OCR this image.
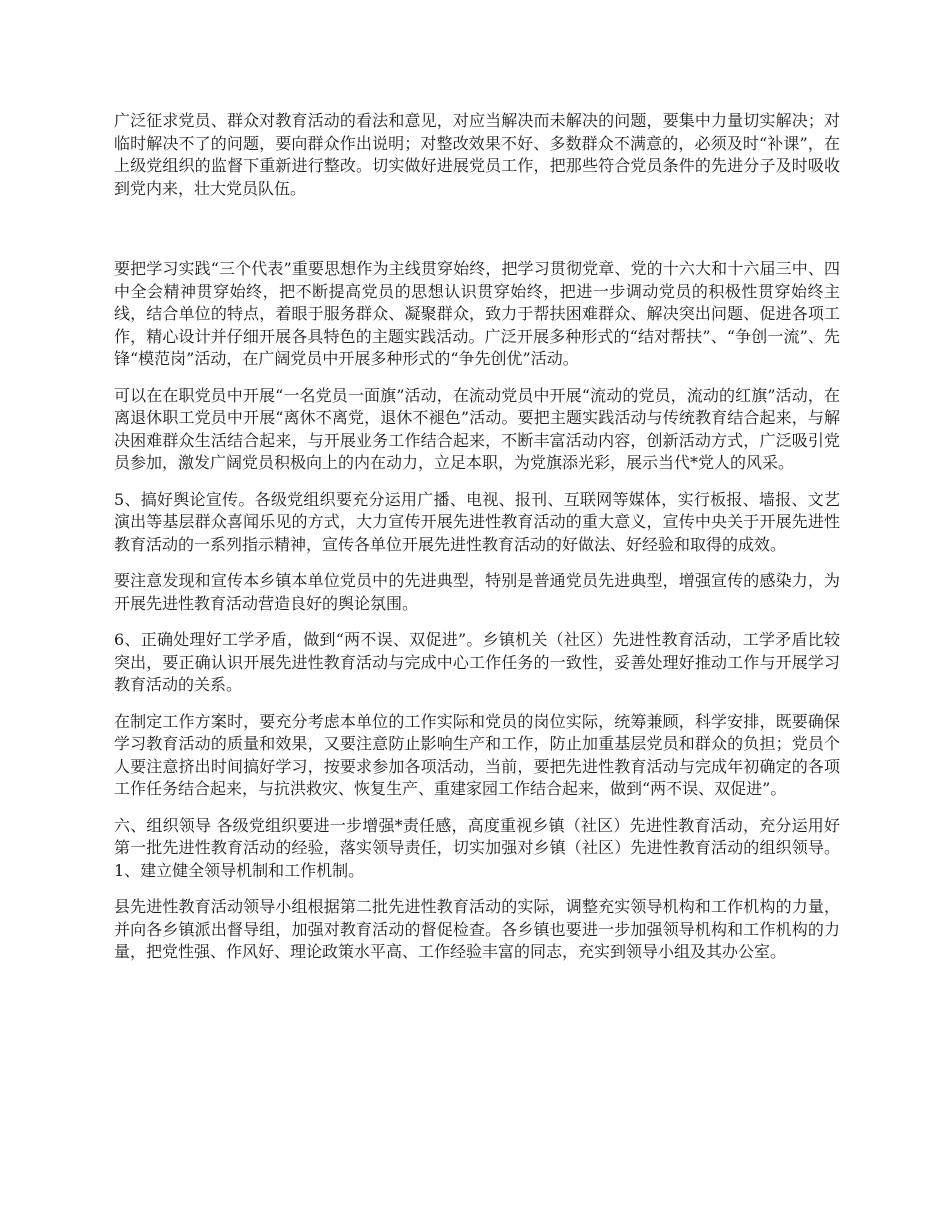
广泛征求党员、群众对教育活动的看法和意见，对应当解决而未解决的问题，要集中力量切实解决；对临时解决不了的问题，要向群众作出说明；对整改效果不好、多数群众不满意的，必须及时“补课”，在上级党组织的监督下重新进行整改。切实做好进展党员工作，把那些符合党员条件的先进分子及时吸收到党内来，壮大党员队伍。

要把学习实践“三个代表”重要思想作为主线贯穿始终，把学习贯彻党章、党的十六大和十六届三中、四中全会精神贯穿始终，把不断提高党员的思想认识贯穿始终，把进一步调动党员的积极性贯穿始终主线，结合单位的特点，着眼于服务群众、凝聚群众，致力于帮扶困难群众、解决突出问题、促进各项工作，精心设计并仔细开展各具特色的主题实践活动。广泛开展多种形式的“结对帮扶”、“争创一流”、先锋“模范岗”活动，在广阔党员中开展多种形式的“争先创优”活动。

可以在在职党员中开展“一名党员一面旗”活动，在流动党员中开展“流动的党员，流动的红旗”活动，在离退休职工党员中开展“离休不离党，退休不褪色”活动。要把主题实践活动与传统教育结合起来，与解决困难群众生活结合起来，与开展业务工作结合起来，不断丰富活动内容，创新活动方式，广泛吸引党员参加，激发广阔党员积极向上的内在动力，立足本职，为党旗添光彩，展示当代*党人的风采。

5、搞好舆论宣传。各级党组织要充分运用广播、电视、报刊、互联网等媒体，实行板报、墙报、文艺演出等基层群众喜闻乐见的方式，大力宣传开展先进性教育活动的重大意义，宣传中央关于开展先进性教育活动的一系列指示精神，宣传各单位开展先进性教育活动的好做法、好经验和取得的成效。

要注意发现和宣传本乡镇本单位党员中的先进典型，特别是普通党员先进典型，增强宣传的感染力，为开展先进性教育活动营造良好的舆论氛围。

6、正确处理好工学矛盾，做到“两不误、双促进”。乡镇机关（社区）先进性教育活动，工学矛盾比较突出，要正确认识开展先进性教育活动与完成中心工作任务的一致性，妥善处理好推动工作与开展学习教育活动的关系。

在制定工作方案时，要充分考虑本单位的工作实际和党员的岗位实际，统筹兼顾，科学安排，既要确保学习教育活动的质量和效果，又要注意防止影响生产和工作，防止加重基层党员和群众的负担；党员个人要注意挤出时间搞好学习，按要求参加各项活动，当前，要把先进性教育活动与完成年初确定的各项工作任务结合起来，与抗洪救灾、恢复生产、重建家园工作结合起来，做到“两不误、双促进”。

六、组织领导 各级党组织要进一步增强*责任感，高度重视乡镇（社区）先进性教育活动，充分运用好第一批先进性教育活动的经验，落实领导责任，切实加强对乡镇（社区）先进性教育活动的组织领导。 1、建立健全领导机制和工作机制。

县先进性教育活动领导小组根据第二批先进性教育活动的实际，调整充实领导机构和工作机构的力量，并向各乡镇派出督导组，加强对教育活动的督促检查。各乡镇也要进一步加强领导机构和工作机构的力量，把党性强、作风好、理论政策水平高、工作经验丰富的同志，充实到领导小组及其办公室。
